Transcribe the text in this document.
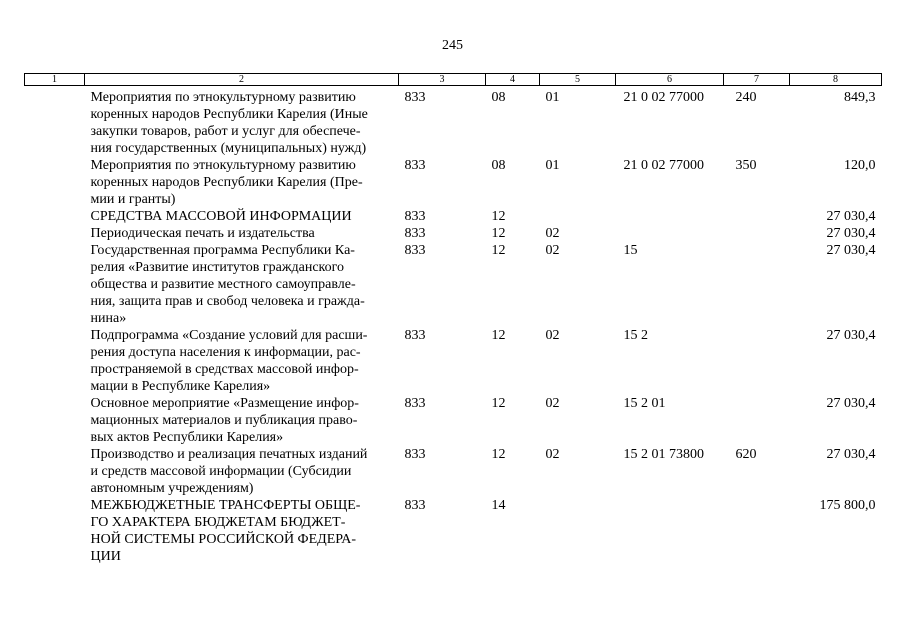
245
1	2	3	4	5	6	7	8

	Мероприятия по этнокультурному развитию
коренных народов Республики Карелия (Иные
закупки товаров, работ и услуг для обеспече-
ния государственных (муниципальных) нужд)	833	08	01	21 0 02 77000	240	849,3

	Мероприятия по этнокультурному развитию
коренных народов Республики Карелия (Пре-
мии и гранты)	833	08	01	21 0 02 77000	350	120,0

	СРЕДСТВА МАССОВОЙ ИНФОРМАЦИИ	833	12				27 030,4

	Периодическая печать и издательства	833	12	02			27 030,4

	Государственная программа Республики Ка-
релия «Развитие институтов гражданского
общества и развитие местного самоуправле-
ния, защита прав и свобод человека и гражда-
нина»	833	12	02	15		27 030,4

	Подпрограмма «Создание условий для расши-
рения доступа населения к информации, рас-
пространяемой в средствах массовой инфор-
мации в Республике Карелия»	833	12	02	15 2		27 030,4

	Основное мероприятие «Размещение инфор-
мационных материалов и публикация право-
вых актов Республики Карелия»	833	12	02	15 2 01		27 030,4

	Производство и реализация печатных изданий
и средств массовой информации (Субсидии
автономным учреждениям)	833	12	02	15 2 01 73800	620	27 030,4

	МЕЖБЮДЖЕТНЫЕ ТРАНСФЕРТЫ ОБЩЕ-
ГО ХАРАКТЕРА БЮДЖЕТАМ БЮДЖЕТ-
НОЙ СИСТЕМЫ РОССИЙСКОЙ ФЕДЕРА-
ЦИИ	833	14				175 800,0
